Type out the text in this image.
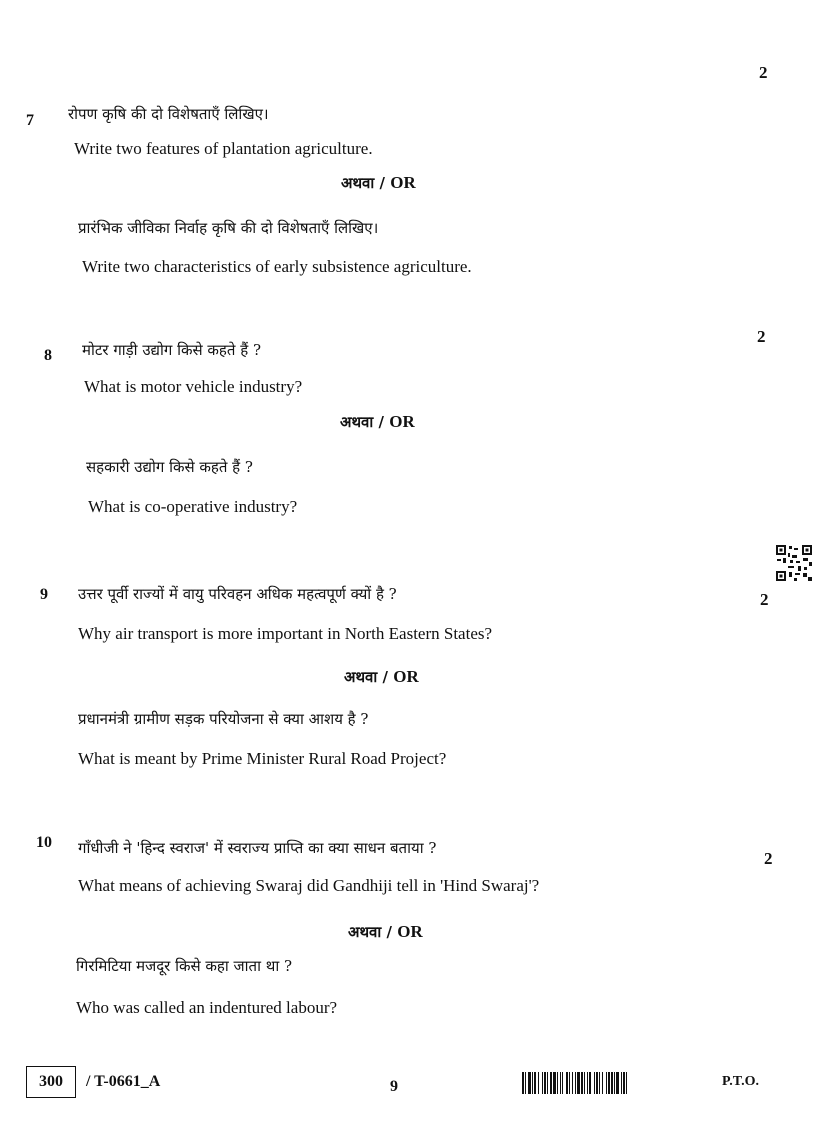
2
7 रोपण कृषि की दो विशेषताएँ लिखिए।
Write two features of plantation agriculture.
अथवा / OR
प्रारंभिक जीविका निर्वाह कृषि की दो विशेषताएँ लिखिए।
Write two characteristics of early subsistence agriculture.
2
8 मोटर गाड़ी उद्योग किसे कहते हैं ?
What is motor vehicle industry?
अथवा / OR
सहकारी उद्योग किसे कहते हैं ?
What is co-operative industry?
9 उत्तर पूर्वी राज्यों में वायु परिवहन अधिक महत्वपूर्ण क्यों है ?	2
Why air transport is more important in North Eastern States?
अथवा / OR
प्रधानमंत्री ग्रामीण सड़क परियोजना से क्या आशय है ?
What is meant by Prime Minister Rural Road Project?
10 गाँधीजी ने 'हिन्द स्वराज' में स्वराज्य प्राप्ति का क्या साधन बताया ?
2
What means of achieving Swaraj did Gandhiji tell in 'Hind Swaraj'?
अथवा / OR
गिरमिटिया मजदूर किसे कहा जाता था ?
Who was called an indentured labour?
300	/ T-0661_A	9	P.T.O.
